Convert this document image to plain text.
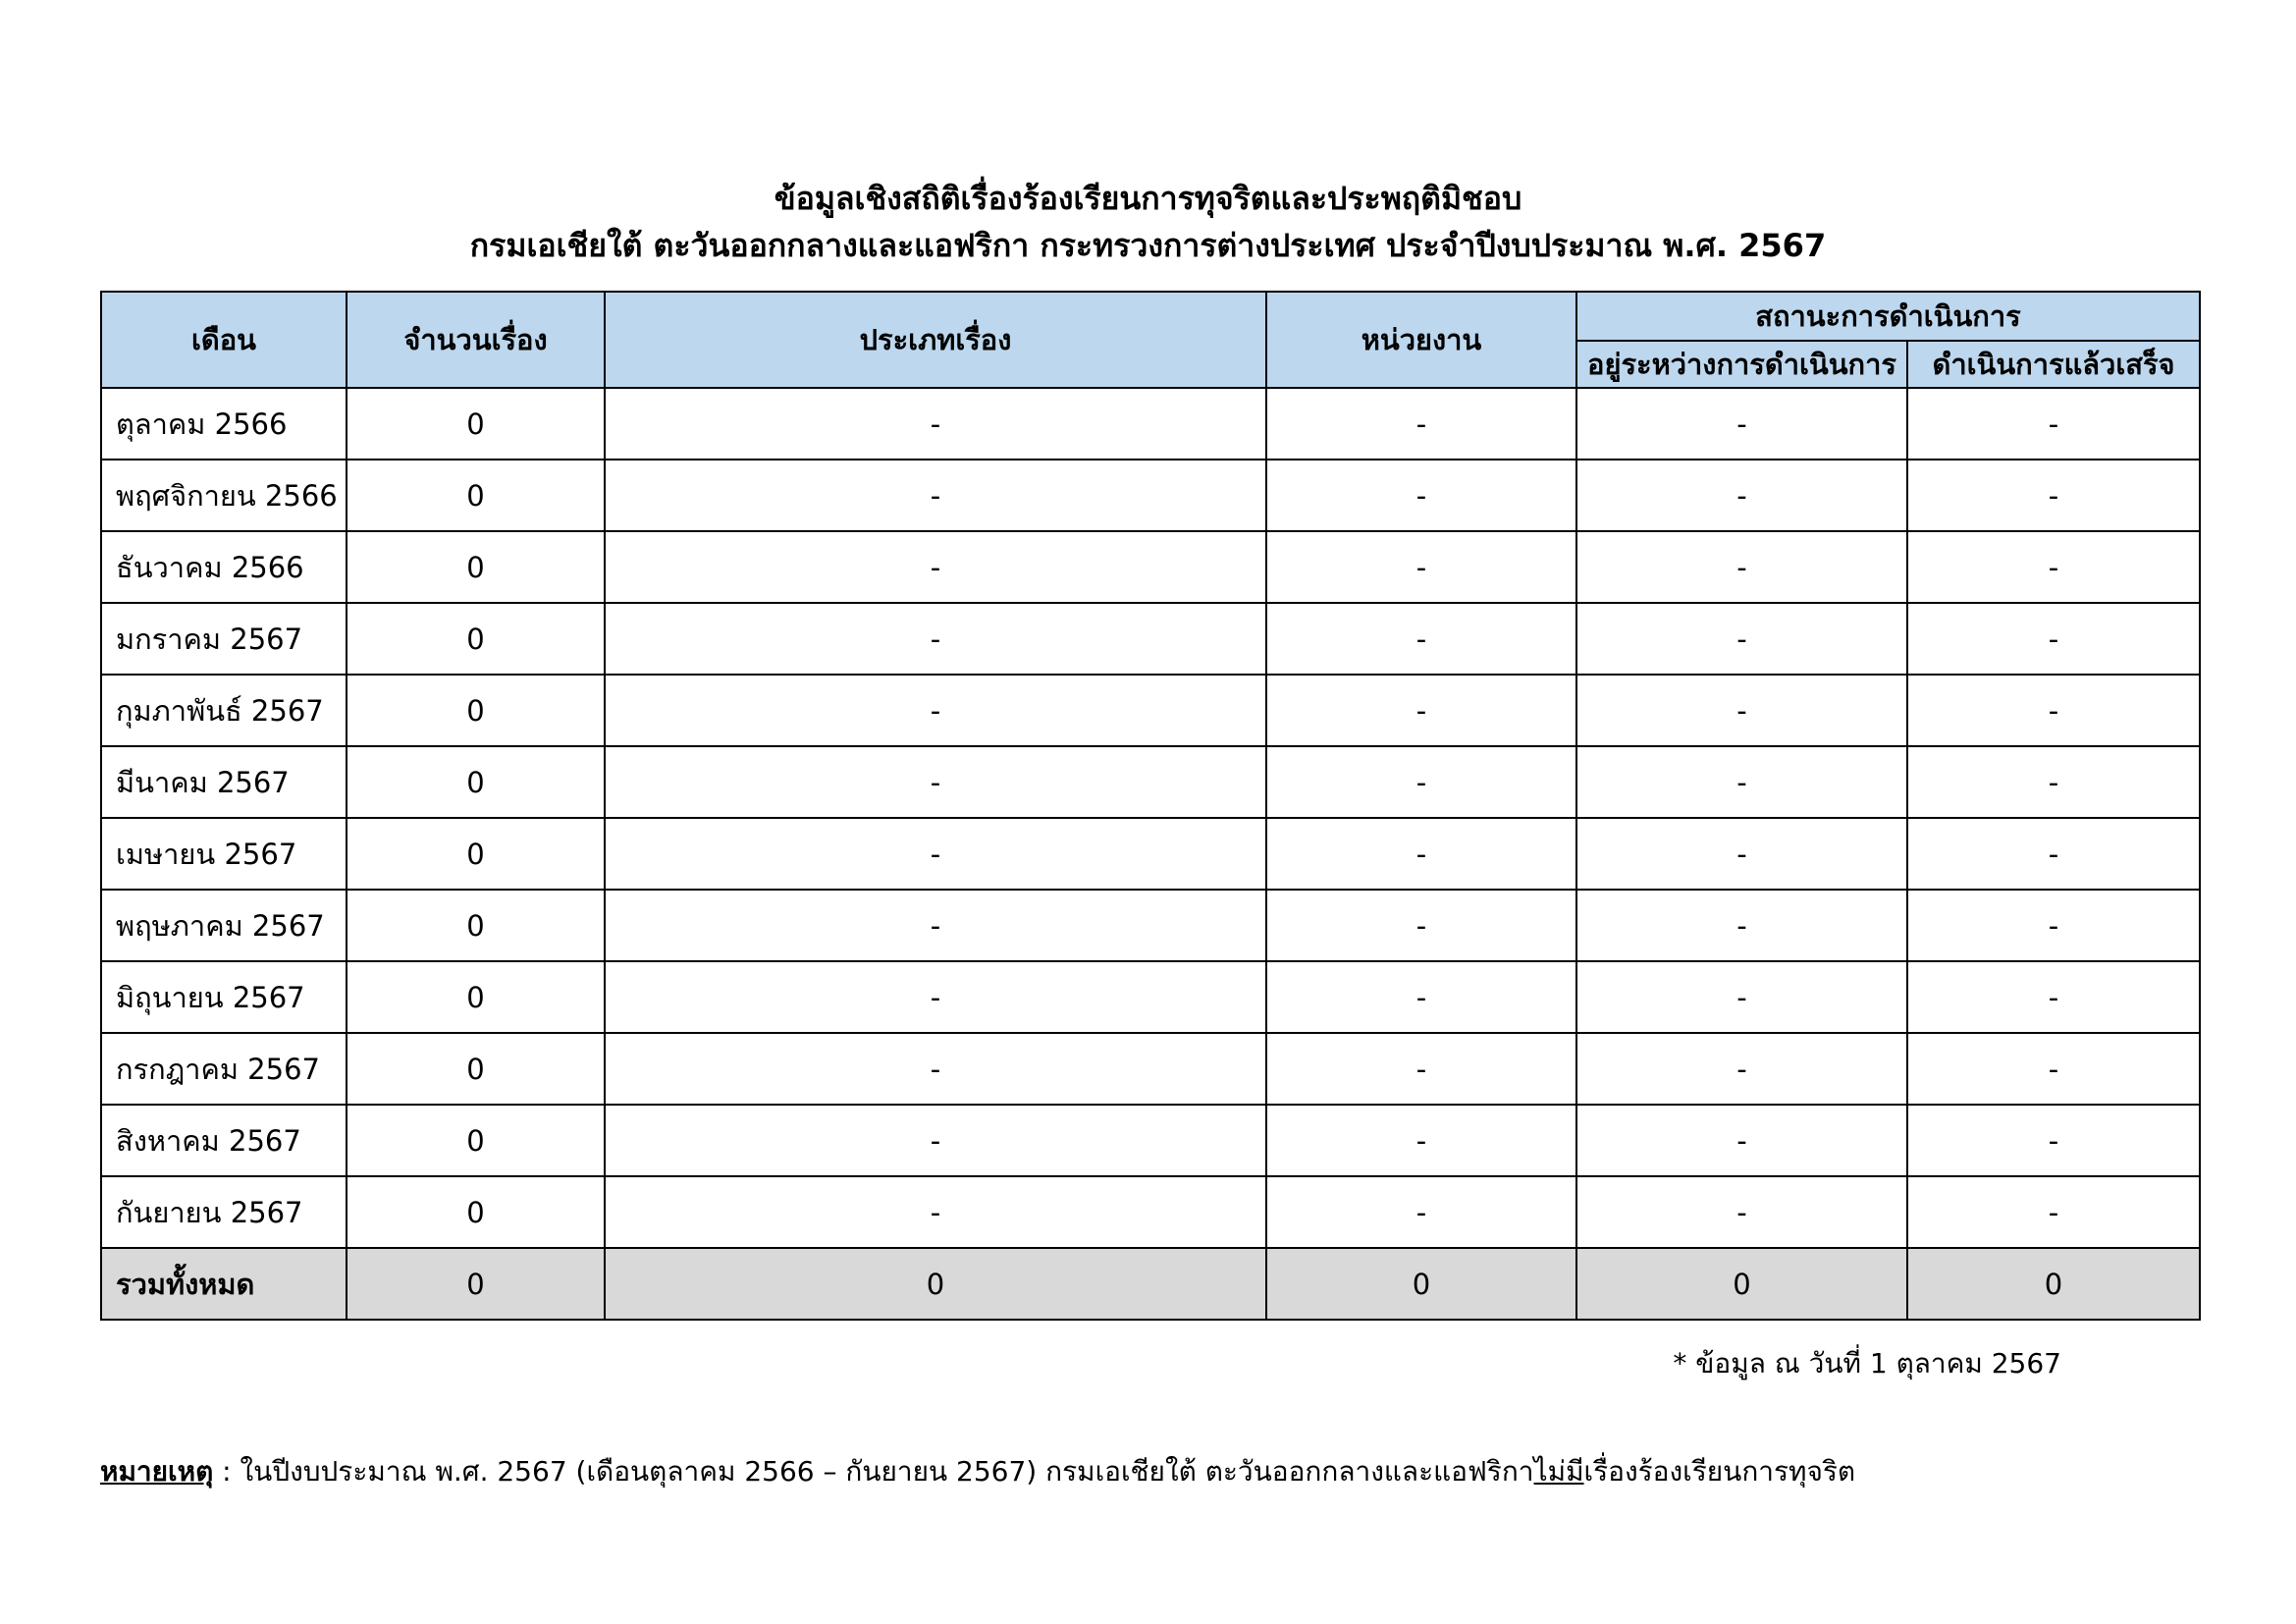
ข้อมูลเชิงสถิติเรื่องร้องเรียนการทุจริตและประพฤติมิชอบ
กรมเอเชียใต้ ตะวันออกกลางและแอฟริกา กระทรวงการต่างประเทศ ประจำปีงบประมาณ พ.ศ. 2567
เดือน	จำนวนเรื่อง	ประเภทเรื่อง	หน่วยงาน	สถานะการดำเนินการ	
				อยู่ระหว่างการดำเนินการ	ดำเนินการแล้วเสร็จ
ตุลาคม 2566	0	-	-	-	-
พฤศจิกายน 2566	0	-	-	-	-
ธันวาคม 2566	0	-	-	-	-
มกราคม 2567	0	-	-	-	-
กุมภาพันธ์ 2567	0	-	-	-	-
มีนาคม 2567	0	-	-	-	-
เมษายน 2567	0	-	-	-	-
พฤษภาคม 2567	0	-	-	-	-
มิถุนายน 2567	0	-	-	-	-
กรกฎาคม 2567	0	-	-	-	-
สิงหาคม 2567	0	-	-	-	-
กันยายน 2567	0	-	-	-	-
รวมทั้งหมด	0	0	0	0	0
* ข้อมูล ณ วันที่ 1 ตุลาคม 2567
หมายเหตุ : ในปีงบประมาณ พ.ศ. 2567 (เดือนตุลาคม 2566 – กันยายน 2567) กรมเอเชียใต้ ตะวันออกกลางและแอฟริกาไม่มีเรื่องร้องเรียนการทุจริต
